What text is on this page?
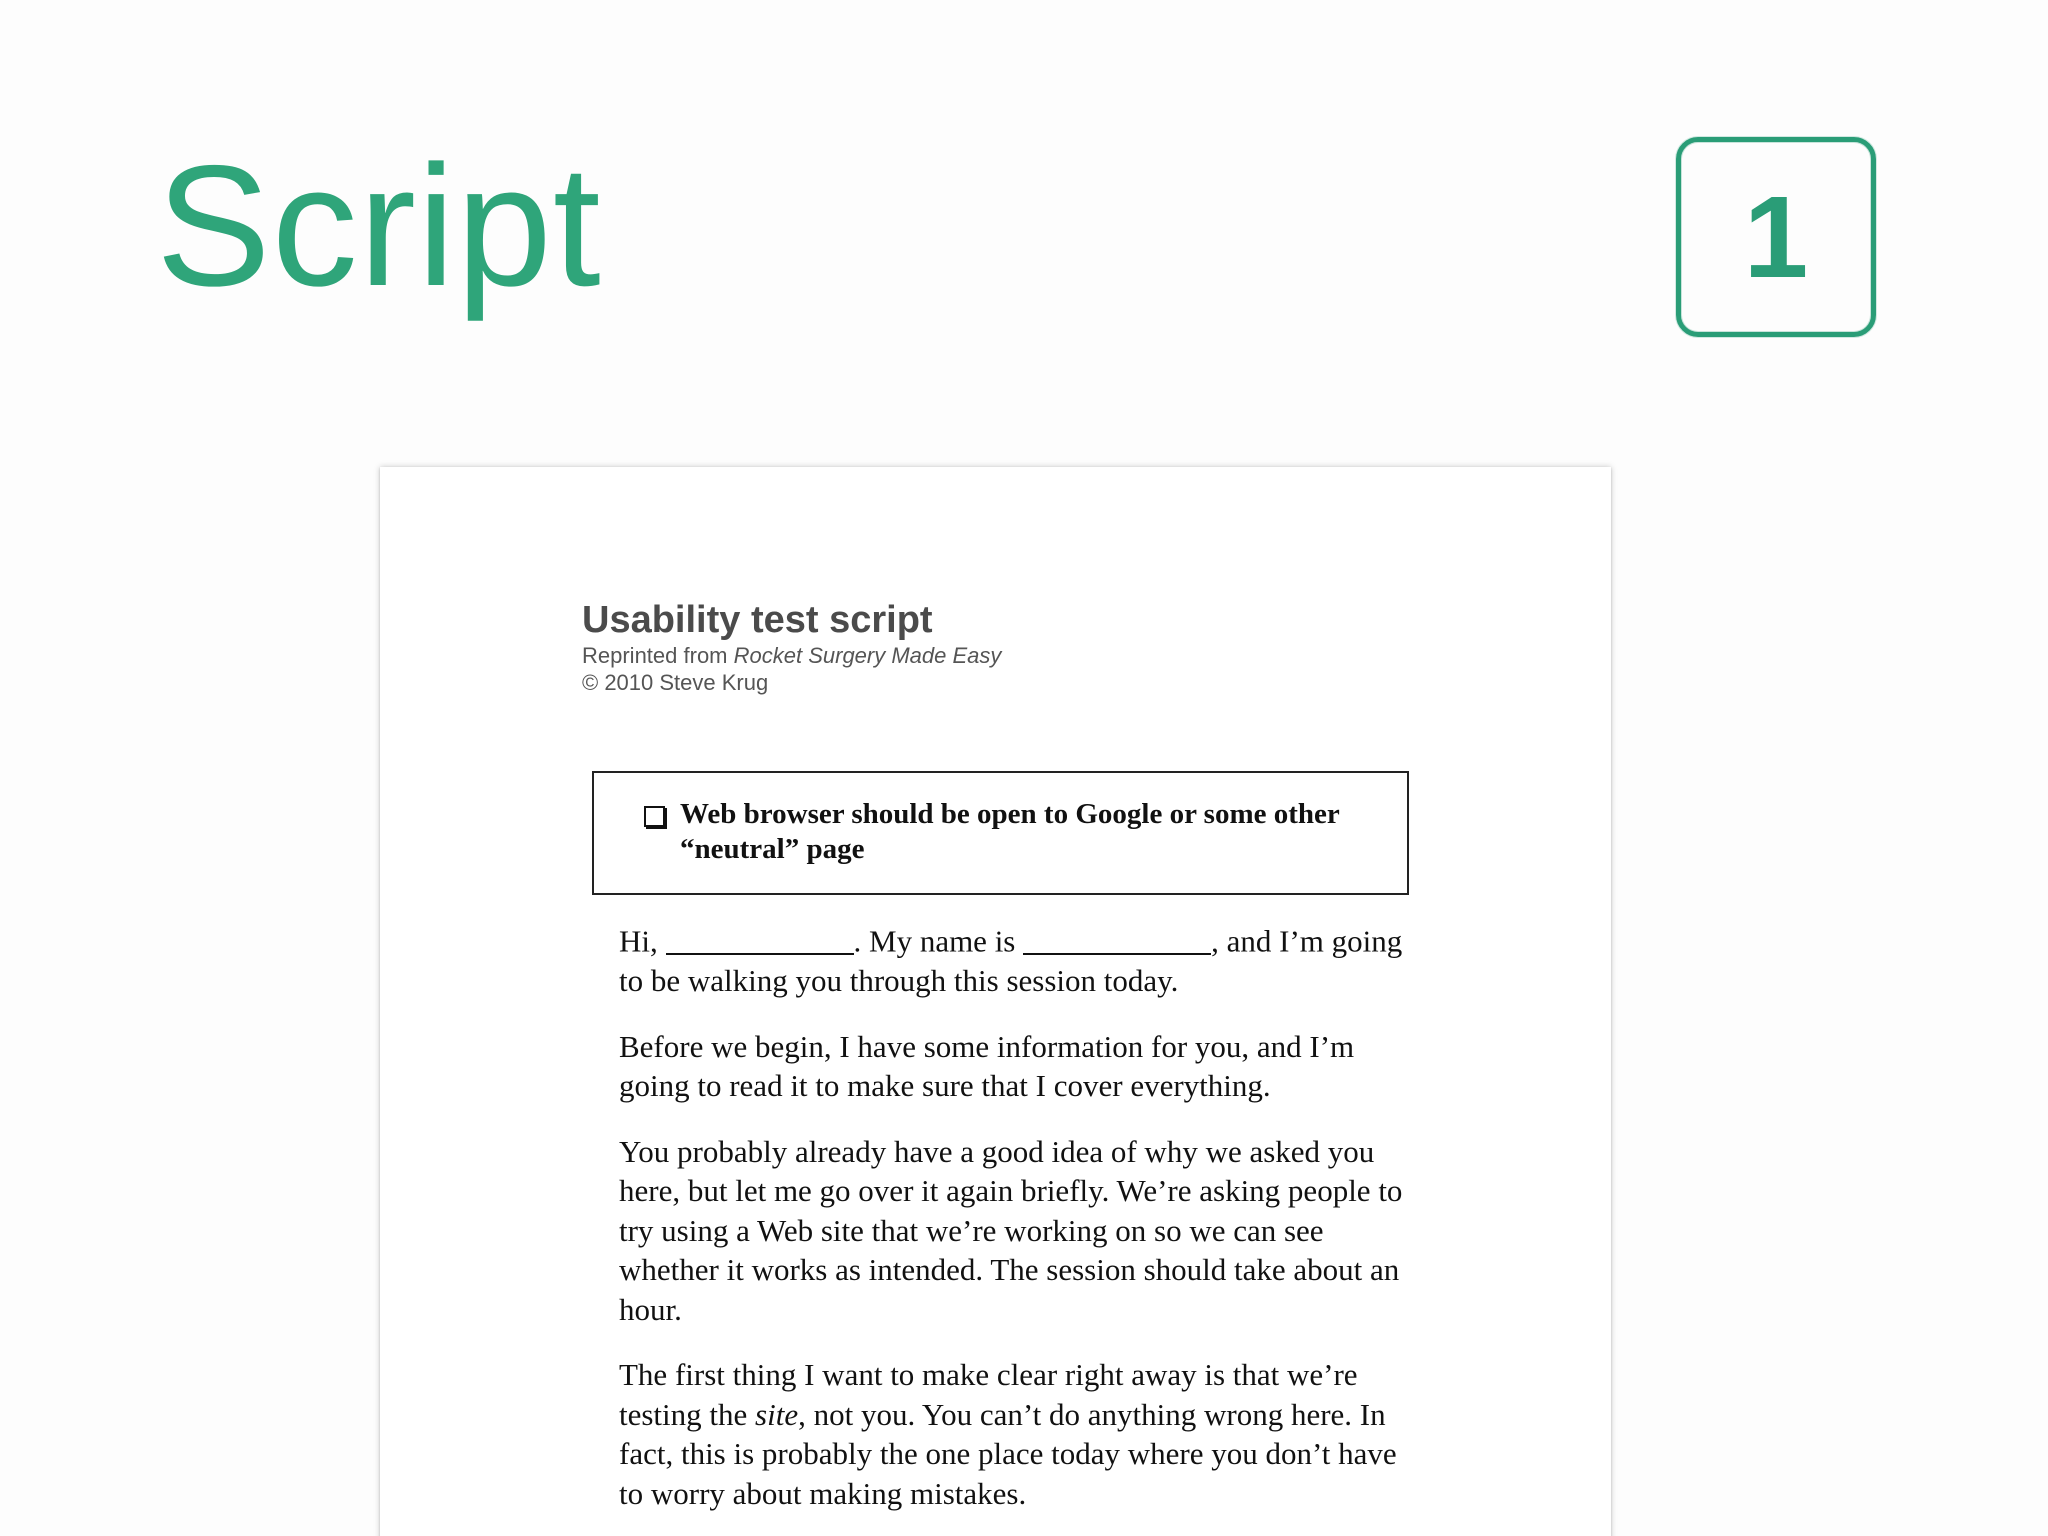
Script	1
Usability test script
Reprinted from Rocket Surgery Made Easy
© 2010 Steve Krug
Web browser should be open to Google or some other “neutral” page

Hi,	. My name is	, and I’m going to be walking you through this session today.

Before we begin, I have some information for you, and I’m going to read it to make sure that I cover everything.

You probably already have a good idea of why we asked you here, but let me go over it again briefly. We’re asking people to try using a Web site that we’re working on so we can see whether it works as intended. The session should take about an hour.

The first thing I want to make clear right away is that we’re testing the site, not you. You can’t do anything wrong here. In fact, this is probably the one place today where you don’t have to worry about making mistakes.
